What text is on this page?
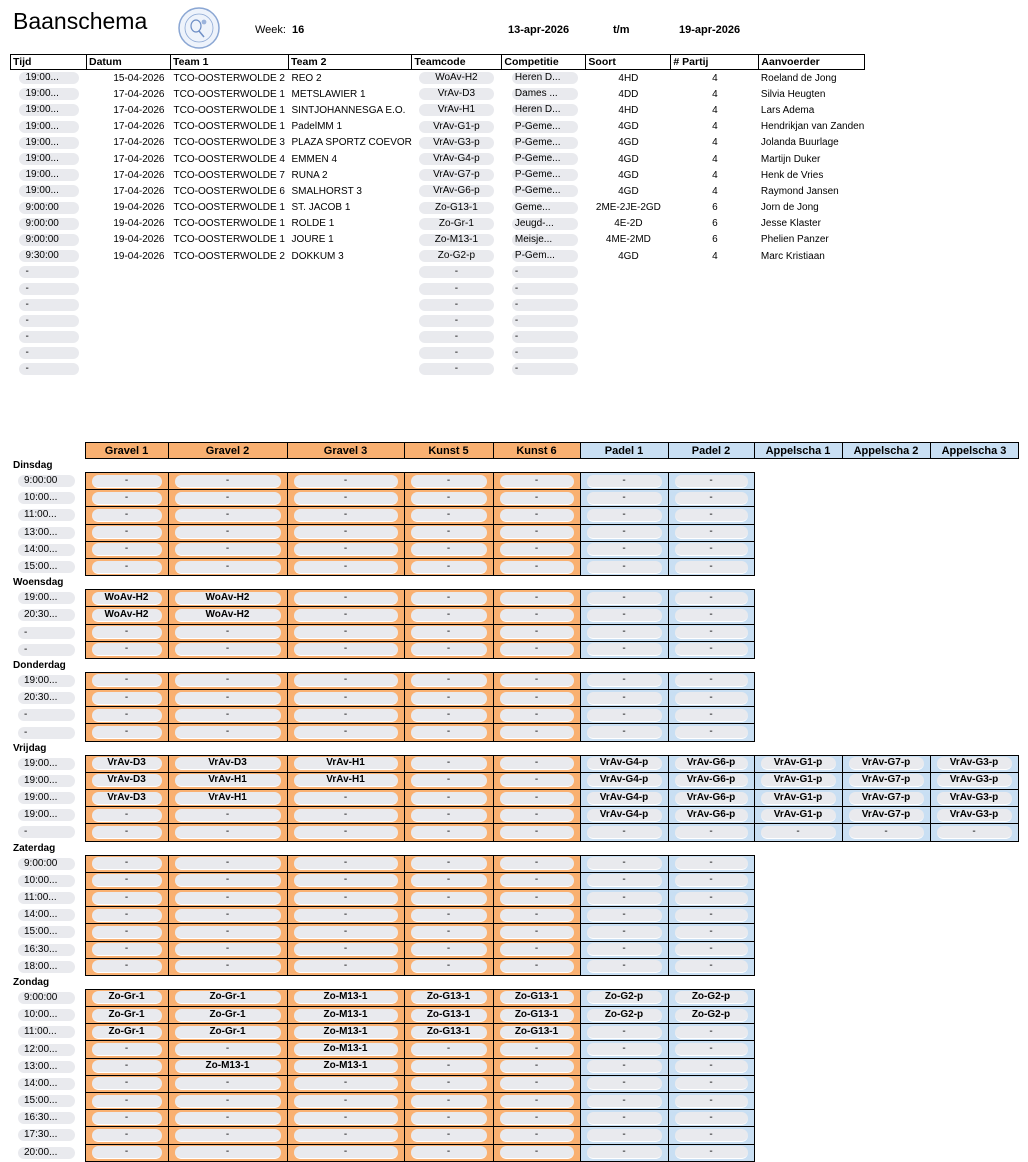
Baanschema	Week: 16	13-apr-2026	t/m	19-apr-2026
Tijd	Datum	Team 1	Team 2	Teamcode	Competitie	Soort	# Partij	Aanvoerder

19:00...	15-04-2026	TCO-OOSTERWOLDE 2	REO 2	WoAv-H2	Heren D...	4HD	4	Roeland de Jong

19:00...	17-04-2026	TCO-OOSTERWOLDE 1	METSLAWIER 1	VrAv-D3	Dames ...	4DD	4	Silvia Heugten

19:00...	17-04-2026	TCO-OOSTERWOLDE 1	SINTJOHANNESGA E.O.	VrAv-H1	Heren D...	4HD	4	Lars Adema

19:00...	17-04-2026	TCO-OOSTERWOLDE 1	PadelMM 1	VrAv-G1-p	P-Geme...	4GD	4	Hendrikjan van Zanden

19:00...	17-04-2026	TCO-OOSTERWOLDE 3	PLAZA SPORTZ COEVOR	VrAv-G3-p	P-Geme...	4GD	4	Jolanda Buurlage

19:00...	17-04-2026	TCO-OOSTERWOLDE 4	EMMEN 4	VrAv-G4-p	P-Geme...	4GD	4	Martijn Duker

19:00...	17-04-2026	TCO-OOSTERWOLDE 7	RUNA 2	VrAv-G7-p	P-Geme...	4GD	4	Henk de Vries

19:00...	17-04-2026	TCO-OOSTERWOLDE 6	SMALHORST 3	VrAv-G6-p	P-Geme...	4GD	4	Raymond Jansen

9:00:00	19-04-2026	TCO-OOSTERWOLDE 1	ST. JACOB 1	Zo-G13-1	Geme...	2ME-2JE-2GD	6	Jorn de Jong

9:00:00	19-04-2026	TCO-OOSTERWOLDE 1	ROLDE 1	Zo-Gr-1	Jeugd-...	4E-2D	6	Jesse Klaster

9:00:00	19-04-2026	TCO-OOSTERWOLDE 1	JOURE 1	Zo-M13-1	Meisje...	4ME-2MD	6	Phelien Panzer

9:30:00	19-04-2026	TCO-OOSTERWOLDE 2	DOKKUM 3	Zo-G2-p	P-Gem...	4GD	4	Marc Kristiaan

-				-	-			

-				-	-			

-				-	-			

-				-	-			

-				-	-			

-				-	-			

-				-	-			

	Gravel 1	Gravel 2	Gravel 3	Kunst 5	Kunst 6	Padel 1	Padel 2	Appelscha 1	Appelscha 2	Appelscha 3
Dinsdag										

9:00:00	-	-	-	-	-	-	-			

10:00...	-	-	-	-	-	-	-			

11:00...	-	-	-	-	-	-	-			

13:00...	-	-	-	-	-	-	-			

14:00...	-	-	-	-	-	-	-			

15:00...	-	-	-	-	-	-	-			

Woensdag										

19:00...	WoAv-H2	WoAv-H2	-	-	-	-	-			

20:30...	WoAv-H2	WoAv-H2	-	-	-	-	-			

-	-	-	-	-	-	-	-			

-	-	-	-	-	-	-	-			

Donderdag										

19:00...	-	-	-	-	-	-	-			

20:30...	-	-	-	-	-	-	-			

-	-	-	-	-	-	-	-			

-	-	-	-	-	-	-	-			

Vrijdag										

19:00...	VrAv-D3	VrAv-D3	VrAv-H1	-	-	VrAv-G4-p	VrAv-G6-p	VrAv-G1-p	VrAv-G7-p	VrAv-G3-p

19:00...	VrAv-D3	VrAv-H1	VrAv-H1	-	-	VrAv-G4-p	VrAv-G6-p	VrAv-G1-p	VrAv-G7-p	VrAv-G3-p

19:00...	VrAv-D3	VrAv-H1	-	-	-	VrAv-G4-p	VrAv-G6-p	VrAv-G1-p	VrAv-G7-p	VrAv-G3-p

19:00...	-	-	-	-	-	VrAv-G4-p	VrAv-G6-p	VrAv-G1-p	VrAv-G7-p	VrAv-G3-p

-	-	-	-	-	-	-	-	-	-	-

Zaterdag										

9:00:00	-	-	-	-	-	-	-			

10:00...	-	-	-	-	-	-	-			

11:00...	-	-	-	-	-	-	-			

14:00...	-	-	-	-	-	-	-			

15:00...	-	-	-	-	-	-	-			

16:30...	-	-	-	-	-	-	-			

18:00...	-	-	-	-	-	-	-			

Zondag										

9:00:00	Zo-Gr-1	Zo-Gr-1	Zo-M13-1	Zo-G13-1	Zo-G13-1	Zo-G2-p	Zo-G2-p			

10:00...	Zo-Gr-1	Zo-Gr-1	Zo-M13-1	Zo-G13-1	Zo-G13-1	Zo-G2-p	Zo-G2-p			

11:00...	Zo-Gr-1	Zo-Gr-1	Zo-M13-1	Zo-G13-1	Zo-G13-1	-	-			

12:00...	-	-	Zo-M13-1	-	-	-	-			

13:00...	-	Zo-M13-1	Zo-M13-1	-	-	-	-			

14:00...	-	-	-	-	-	-	-			

15:00...	-	-	-	-	-	-	-			

16:30...	-	-	-	-	-	-	-			

17:30...	-	-	-	-	-	-	-			

20:00...	-	-	-	-	-	-	-			
